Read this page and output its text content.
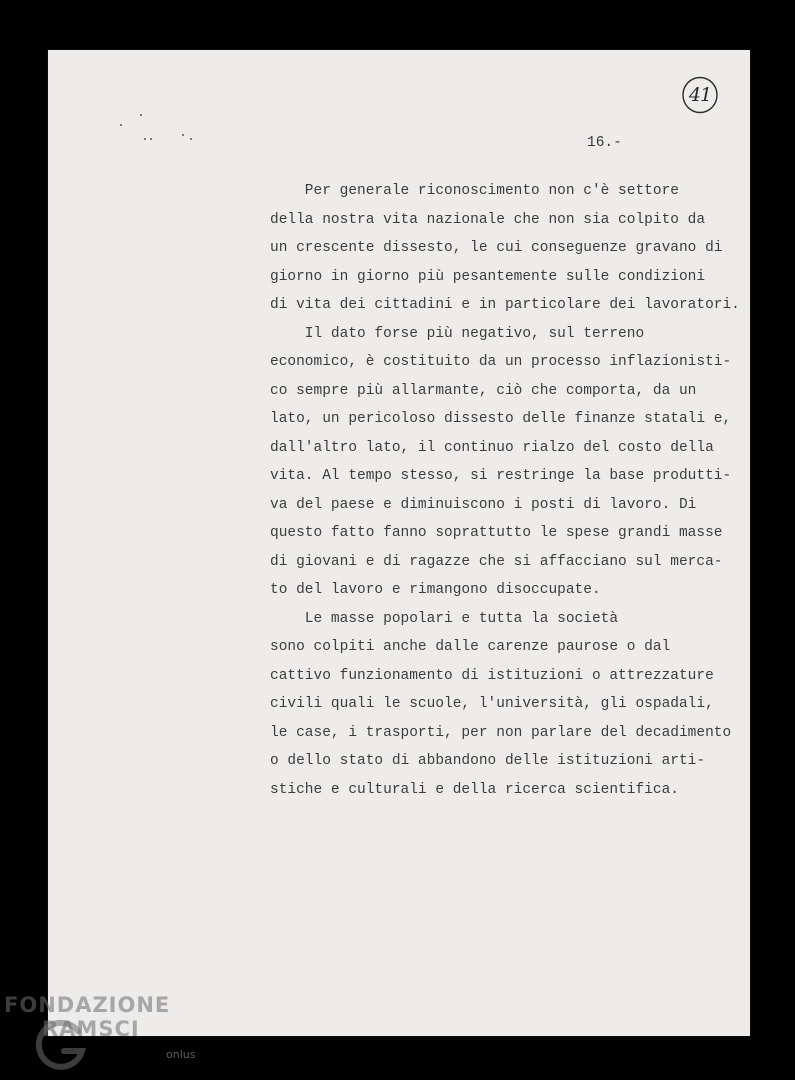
41
16.-
Per generale riconoscimento non c'è settore
della nostra vita nazionale che non sia colpito da
un crescente dissesto, le cui conseguenze gravano di
giorno in giorno più pesantemente sulle condizioni
di vita dei cittadini e in particolare dei lavoratori.
Il dato forse più negativo, sul terreno
economico, è costituito da un processo inflazionisti-
co sempre più allarmante, ciò che comporta, da un
lato, un pericoloso dissesto delle finanze statali e,
dall'altro lato, il continuo rialzo del costo della
vita. Al tempo stesso, si restringe la base produtti-
va del paese e diminuiscono i posti di lavoro. Di
questo fatto fanno soprattutto le spese grandi masse
di giovani e di ragazze che si affacciano sul merca-
to del lavoro e rimangono disoccupate.
Le masse popolari e tutta la società
sono colpiti anche dalle carenze paurose o dal
cattivo funzionamento di istituzioni o attrezzature
civili quali le scuole, l'università, gli ospadali,
le case, i trasporti, per non parlare del decadimento
o dello stato di abbandono delle istituzioni arti-
stiche e culturali e della ricerca scientifica.
FONDAZIONE
RAMSCI
onlus
